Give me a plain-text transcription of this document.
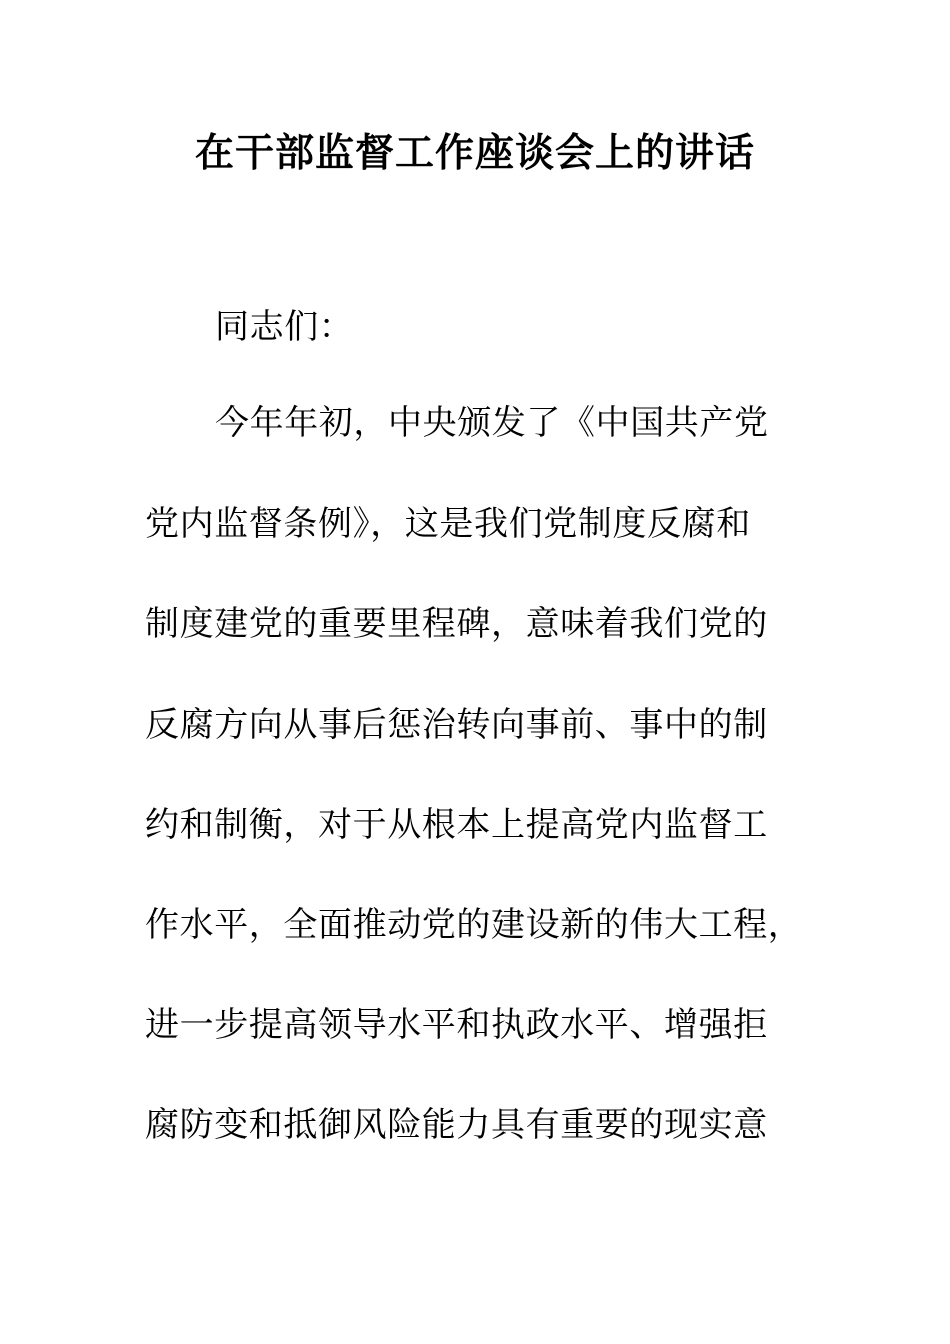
在干部监督工作座谈会上的讲话

同志们：

今年年初，中央颁发了《中国共产党

党内监督条例》，这是我们党制度反腐和

制度建党的重要里程碑，意味着我们党的

反腐方向从事后惩治转向事前、事中的制

约和制衡，对于从根本上提高党内监督工

作水平，全面推动党的建设新的伟大工程，

进一步提高领导水平和执政水平、增强拒

腐防变和抵御风险能力具有重要的现实意
